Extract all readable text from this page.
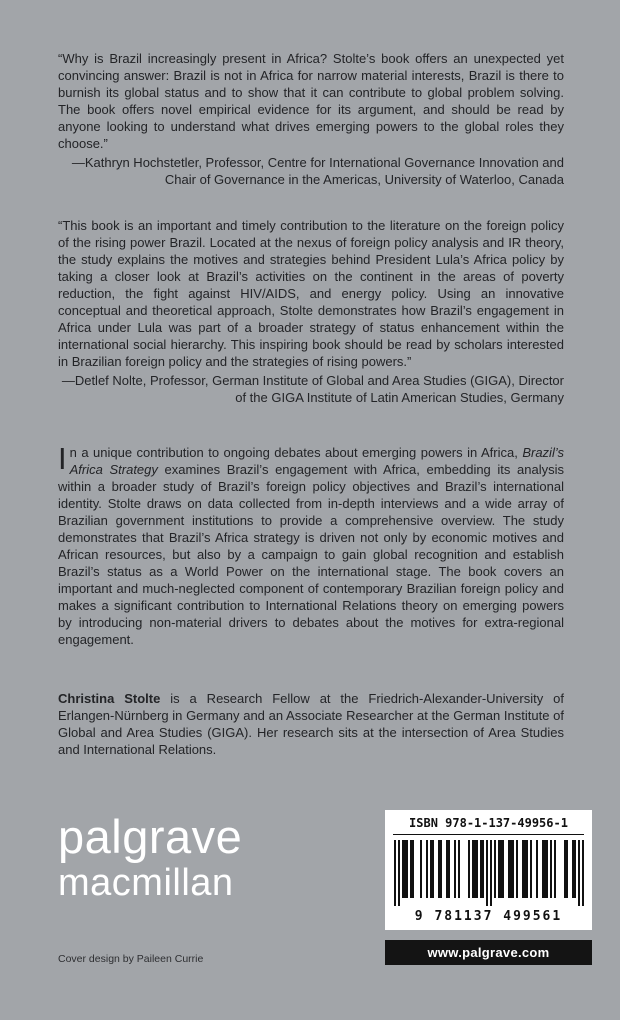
“Why is Brazil increasingly present in Africa? Stolte’s book offers an unexpected yet convincing answer: Brazil is not in Africa for narrow material interests, Brazil is there to burnish its global status and to show that it can contribute to global problem solving. The book offers novel empirical evidence for its argument, and should be read by anyone looking to understand what drives emerging powers to the global roles they choose.”

—Kathryn Hochstetler, Professor, Centre for International Governance Innovation and Chair of Governance in the Americas, University of Waterloo, Canada

“This book is an important and timely contribution to the literature on the foreign policy of the rising power Brazil. Located at the nexus of foreign policy analysis and IR theory, the study explains the motives and strategies behind President Lula’s Africa policy by taking a closer look at Brazil’s activities on the continent in the areas of poverty reduction, the fight against HIV/AIDS, and energy policy. Using an innovative conceptual and theoretical approach, Stolte demonstrates how Brazil’s engagement in Africa under Lula was part of a broader strategy of status enhancement within the international social hierarchy. This inspiring book should be read by scholars interested in Brazilian foreign policy and the strategies of rising powers.”

—Detlef Nolte, Professor, German Institute of Global and Area Studies (GIGA), Director of the GIGA Institute of Latin American Studies, Germany

In a unique contribution to ongoing debates about emerging powers in Africa, Brazil’s Africa Strategy examines Brazil’s engagement with Africa, embedding its analysis within a broader study of Brazil’s foreign policy objectives and Brazil’s international identity. Stolte draws on data collected from in-depth interviews and a wide array of Brazilian government institutions to provide a comprehensive overview. The study demonstrates that Brazil’s Africa strategy is driven not only by economic motives and African resources, but also by a campaign to gain global recognition and establish Brazil’s status as a World Power on the international stage. The book covers an important and much-neglected component of contemporary Brazilian foreign policy and makes a significant contribution to International Relations theory on emerging powers by introducing non-material drivers to debates about the motives for extra-regional engagement.

Christina Stolte is a Research Fellow at the Friedrich-Alexander-University of Erlangen-Nürnberg in Germany and an Associate Researcher at the German Institute of Global and Area Studies (GIGA). Her research sits at the intersection of Area Studies and International Relations.

palgrave
macmillan
ISBN 978-1-137-49956-1
9 781137 499561
www.palgrave.com
Cover design by Paileen Currie
